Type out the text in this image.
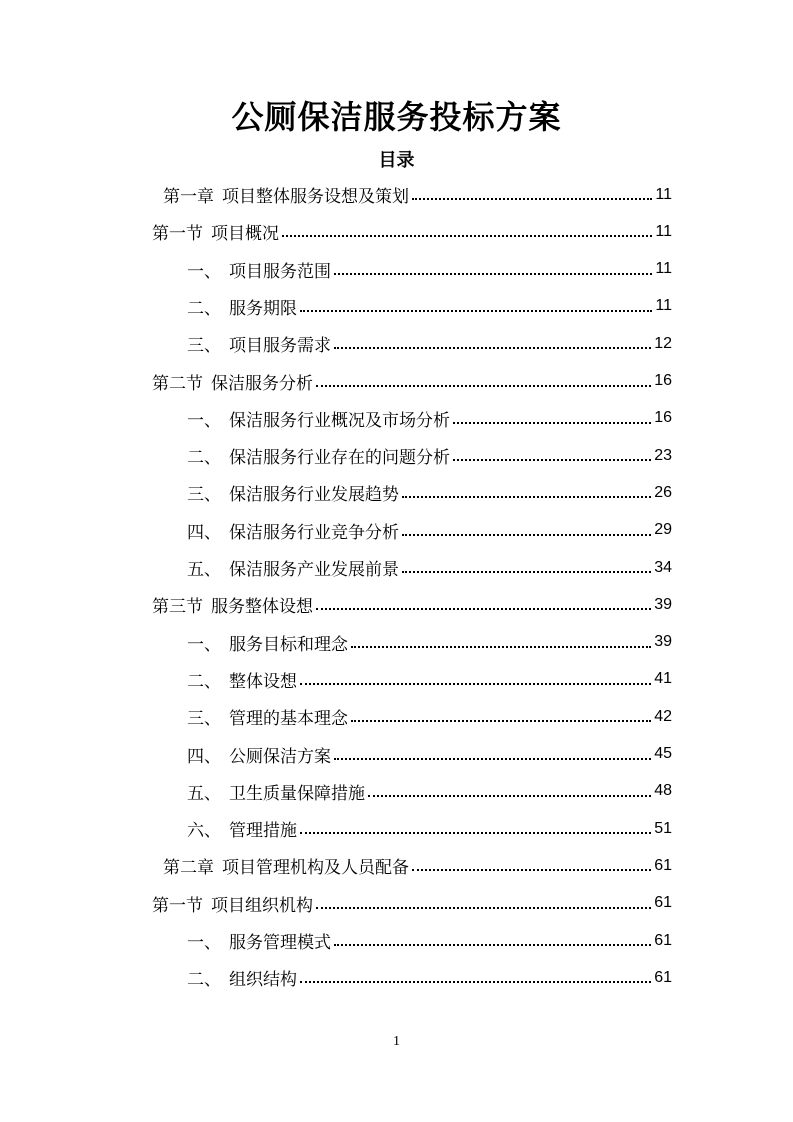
公厕保洁服务投标方案
目录
第一章 项目整体服务设想及策划	11
第一节 项目概况	11
一、 项目服务范围	11
二、 服务期限	11
三、 项目服务需求	12
第二节 保洁服务分析	16
一、 保洁服务行业概况及市场分析	16
二、 保洁服务行业存在的问题分析	23
三、 保洁服务行业发展趋势	26
四、 保洁服务行业竞争分析	29
五、 保洁服务产业发展前景	34
第三节 服务整体设想	39
一、 服务目标和理念	39
二、 整体设想	41
三、 管理的基本理念	42
四、 公厕保洁方案	45
五、 卫生质量保障措施	48
六、 管理措施	51
第二章 项目管理机构及人员配备	61
第一节 项目组织机构	61
一、 服务管理模式	61
二、 组织结构	61
1
